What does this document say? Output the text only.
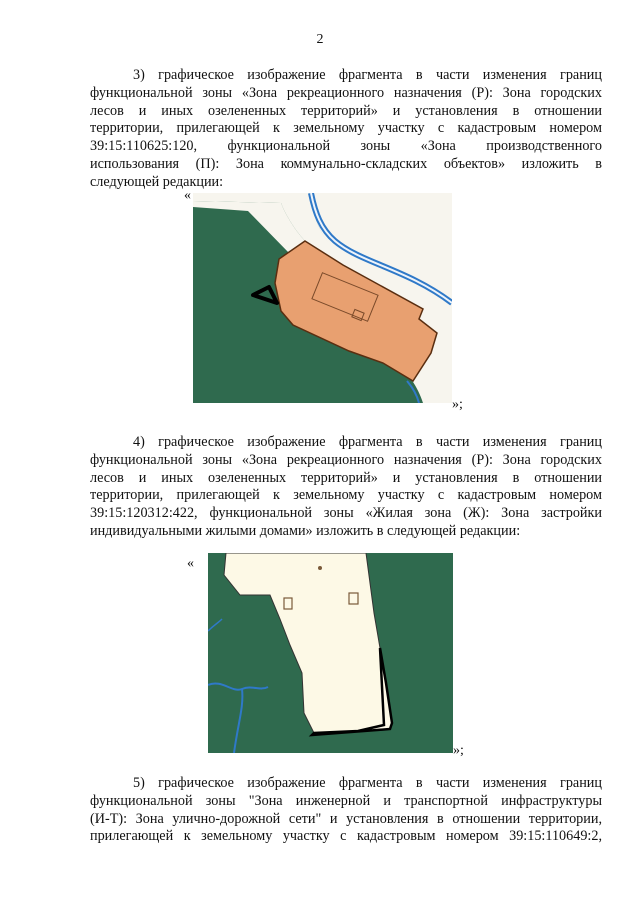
2
3) графическое изображение фрагмента в части изменения границ
функциональной зоны «Зона рекреационного назначения (Р): Зона городских
лесов и иных озелененных территорий» и установления в отношении
территории, прилегающей к земельному участку с кадастровым номером
39:15:110625:120, функциональной зоны «Зона производственного
использования (П): Зона коммунально-складских объектов» изложить в
следующей редакции:
«
»;
4) графическое изображение фрагмента в части изменения границ
функциональной зоны «Зона рекреационного назначения (Р): Зона городских
лесов и иных озелененных территорий» и установления в отношении
территории, прилегающей к земельному участку с кадастровым номером
39:15:120312:422, функциональной зоны «Жилая зона (Ж): Зона застройки
индивидуальными жилыми домами» изложить в следующей редакции:
«
»;
5) графическое изображение фрагмента в части изменения границ
функциональной зоны "Зона инженерной и транспортной инфраструктуры
(И-Т): Зона улично-дорожной сети" и установления в отношении территории,
прилегающей к земельному участку с кадастровым номером 39:15:110649:2,
